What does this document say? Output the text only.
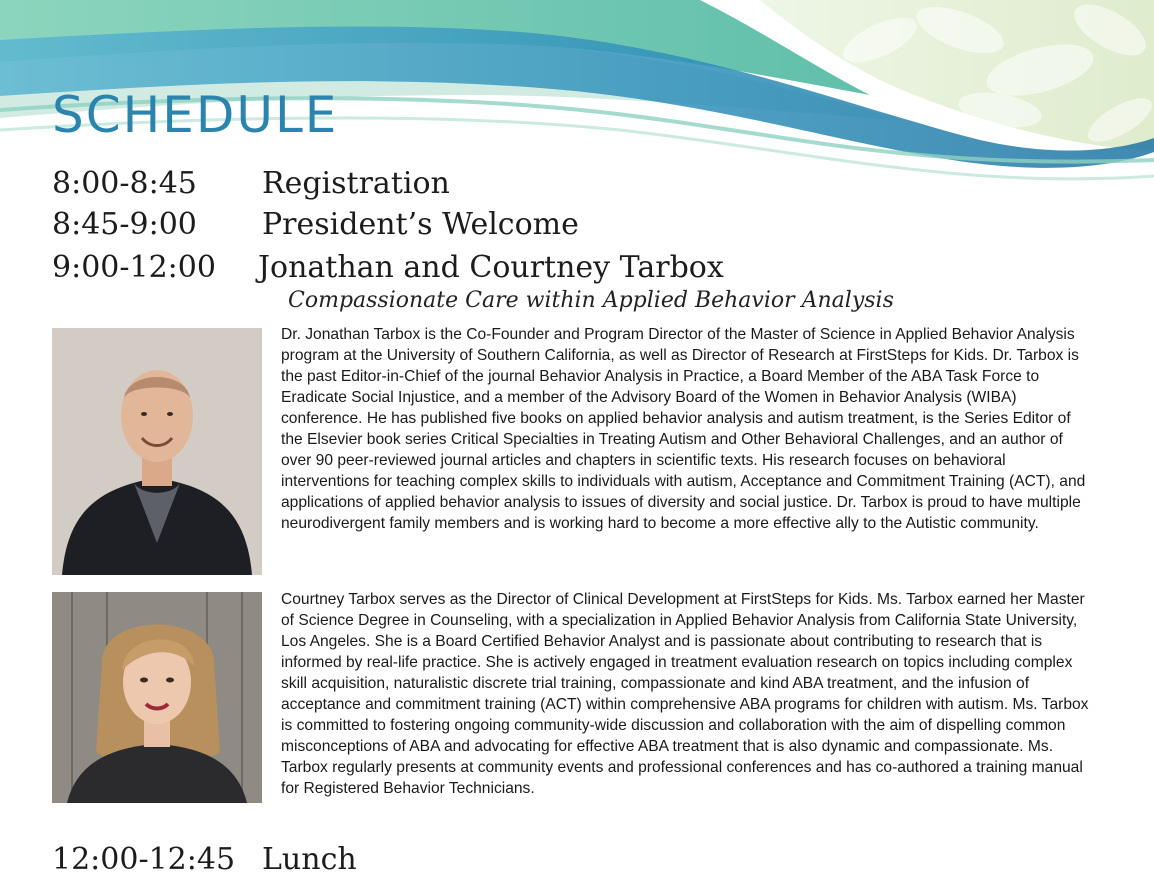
SCHEDULE
8:00-8:45 Registration
8:45-9:00 President’s Welcome
9:00-12:00 Jonathan and Courtney Tarbox

Compassionate Care within Applied Behavior Analysis

Dr. Jonathan Tarbox is the Co-Founder and Program Director of the Master of Science in Applied Behavior Analysis program at the University of Southern California, as well as Director of Research at FirstSteps for Kids. Dr. Tarbox is the past Editor-in-Chief of the journal Behavior Analysis in Practice, a Board Member of the ABA Task Force to Eradicate Social Injustice, and a member of the Advisory Board of the Women in Behavior Analysis (WIBA) conference. He has published five books on applied behavior analysis and autism treatment, is the Series Editor of the Elsevier book series Critical Specialties in Treating Autism and Other Behavioral Challenges, and an author of over 90 peer-reviewed journal articles and chapters in scientific texts. His research focuses on behavioral interventions for teaching complex skills to individuals with autism, Acceptance and Commitment Training (ACT), and applications of applied behavior analysis to issues of diversity and social justice. Dr. Tarbox is proud to have multiple neurodivergent family members and is working hard to become a more effective ally to the Autistic community.

Courtney Tarbox serves as the Director of Clinical Development at FirstSteps for Kids. Ms. Tarbox earned her Master of Science Degree in Counseling, with a specialization in Applied Behavior Analysis from California State University, Los Angeles. She is a Board Certified Behavior Analyst and is passionate about contributing to research that is informed by real-life practice. She is actively engaged in treatment evaluation research on topics including complex skill acquisition, naturalistic discrete trial training, compassionate and kind ABA treatment, and the infusion of acceptance and commitment training (ACT) within comprehensive ABA programs for children with autism. Ms. Tarbox is committed to fostering ongoing community-wide discussion and collaboration with the aim of dispelling common misconceptions of ABA and advocating for effective ABA treatment that is also dynamic and compassionate. Ms. Tarbox regularly presents at community events and professional conferences and has co-authored a training manual for Registered Behavior Technicians.

12:00-12:45 Lunch
